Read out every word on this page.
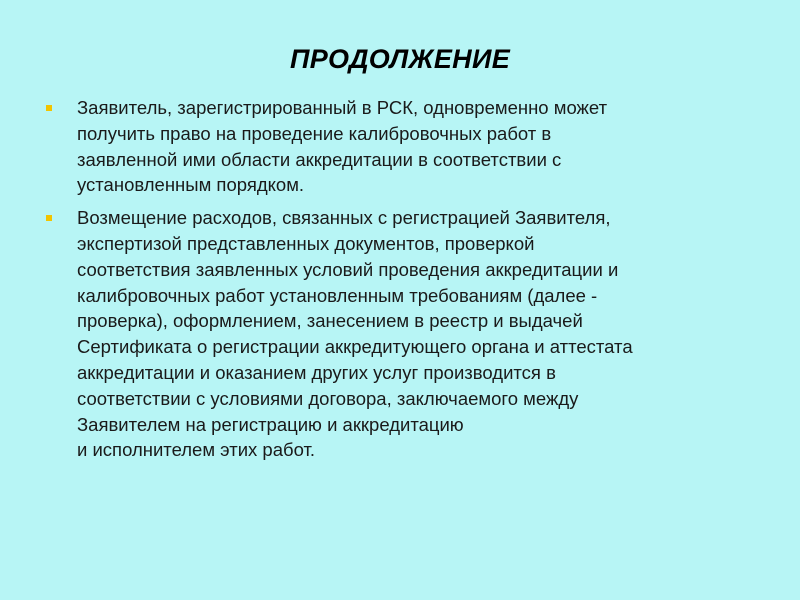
ПРОДОЛЖЕНИЕ
Заявитель, зарегистрированный в РСК, одновременно может
получить право на проведение калибровочных работ в
заявленной ими области аккредитации в соответствии с
установленным порядком.
Возмещение расходов, связанных с регистрацией Заявителя,
экспертизой представленных документов, проверкой
соответствия заявленных условий проведения аккредитации и
калибровочных работ установленным требованиям (далее -
проверка), оформлением, занесением в реестр и выдачей
Сертификата о регистрации аккредитующего органа и аттестата
аккредитации и оказанием других услуг производится в
соответствии с условиями договора, заключаемого между
Заявителем на регистрацию и аккредитацию
и исполнителем этих работ.
